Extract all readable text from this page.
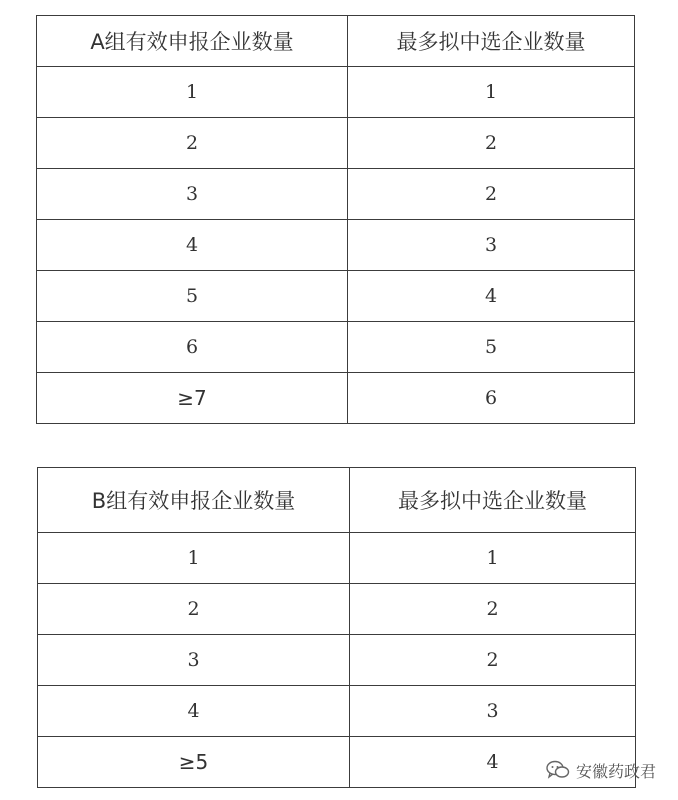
A组有效申报企业数量	最多拟中选企业数量
1	1
2	2
3	2
4	3
5	4
6	5
≥7	6
B组有效申报企业数量	最多拟中选企业数量
1	1
2	2
3	2
4	3
≥5	4	安徽药政君
